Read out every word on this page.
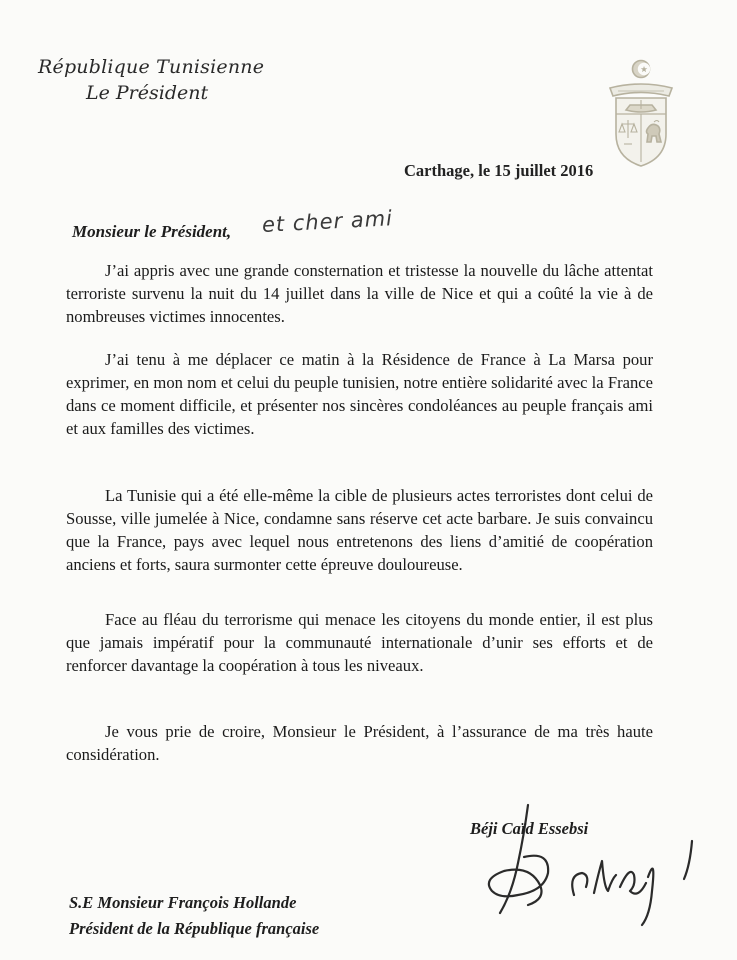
République Tunisienne
Le Président
Carthage, le 15 juillet 2016
Monsieur le Président, et cher ami

J’ai appris avec une grande consternation et tristesse la nouvelle du lâche attentat terroriste survenu la nuit du 14 juillet dans la ville de Nice et qui a coûté la vie à de nombreuses victimes innocentes.

J’ai tenu à me déplacer ce matin à la Résidence de France à La Marsa pour exprimer, en mon nom et celui du peuple tunisien, notre entière solidarité avec la France dans ce moment difficile, et présenter nos sincères condoléances au peuple français ami et aux familles des victimes.

La Tunisie qui a été elle-même la cible de plusieurs actes terroristes dont celui de Sousse, ville jumelée à Nice, condamne sans réserve cet acte barbare. Je suis convaincu que la France, pays avec lequel nous entretenons des liens d’amitié de coopération anciens et forts, saura surmonter cette épreuve douloureuse.

Face au fléau du terrorisme qui menace les citoyens du monde entier, il est plus que jamais impératif pour la communauté internationale d’unir ses efforts et de renforcer davantage la coopération à tous les niveaux.

Je vous prie de croire, Monsieur le Président, à l’assurance de ma très haute considération.

Béji Caïd Essebsi
S.E Monsieur François Hollande
Président de la République française
